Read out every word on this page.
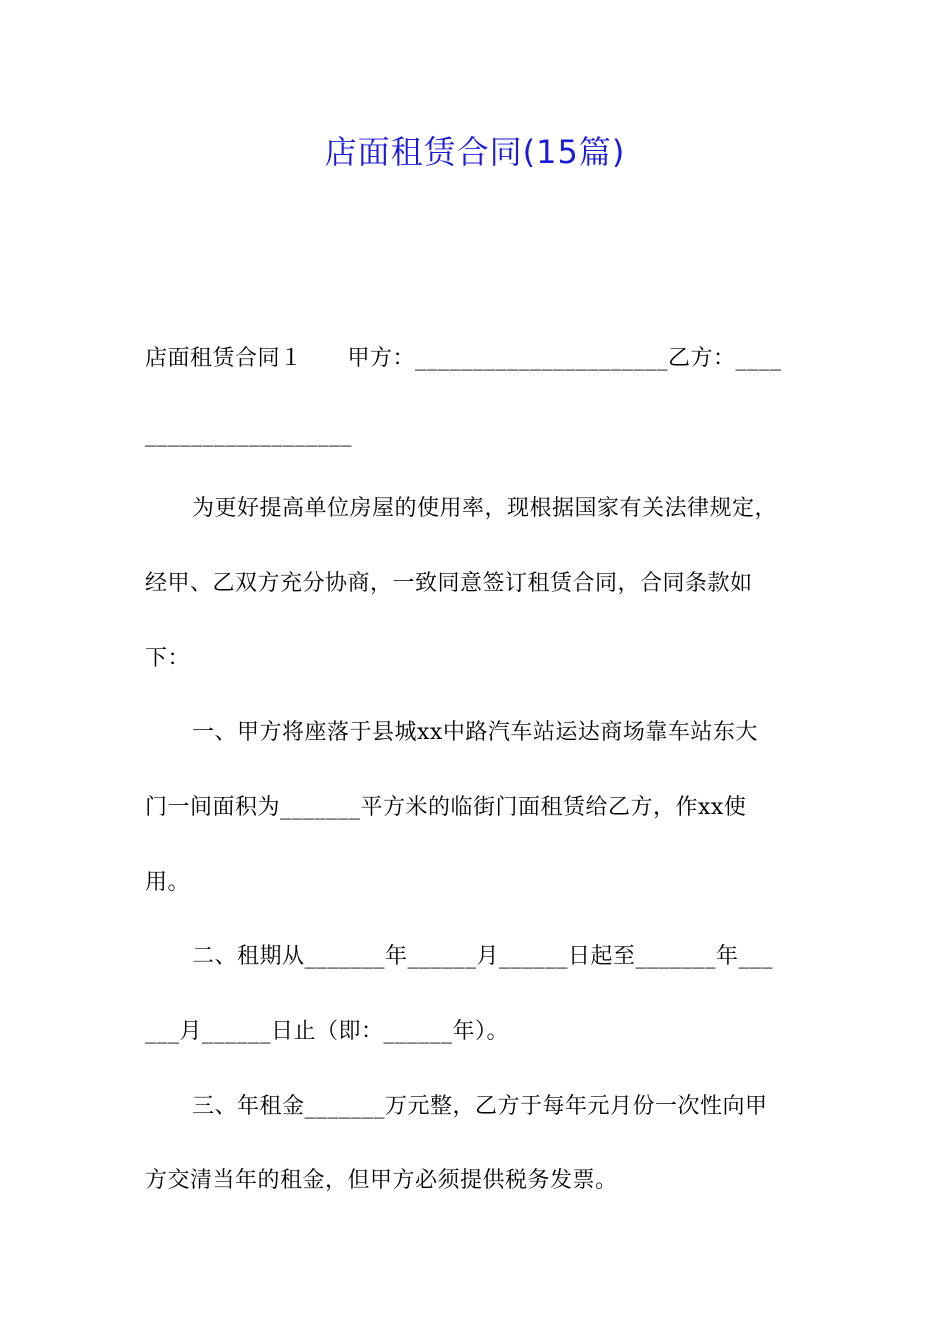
店面租赁合同(15篇)
店面租赁合同１　　甲方：______________________乙方：____
__________________
为更好提高单位房屋的使用率，现根据国家有关法律规定，
经甲、乙双方充分协商，一致同意签订租赁合同，合同条款如
下：
一、甲方将座落于县城xx中路汽车站运达商场靠车站东大
门一间面积为_______平方米的临街门面租赁给乙方，作xx使
用。
二、租期从_______年______月______日起至_______年___
___月______日止（即：______年）。
三、年租金_______万元整，乙方于每年元月份一次性向甲
方交清当年的租金，但甲方必须提供税务发票。
